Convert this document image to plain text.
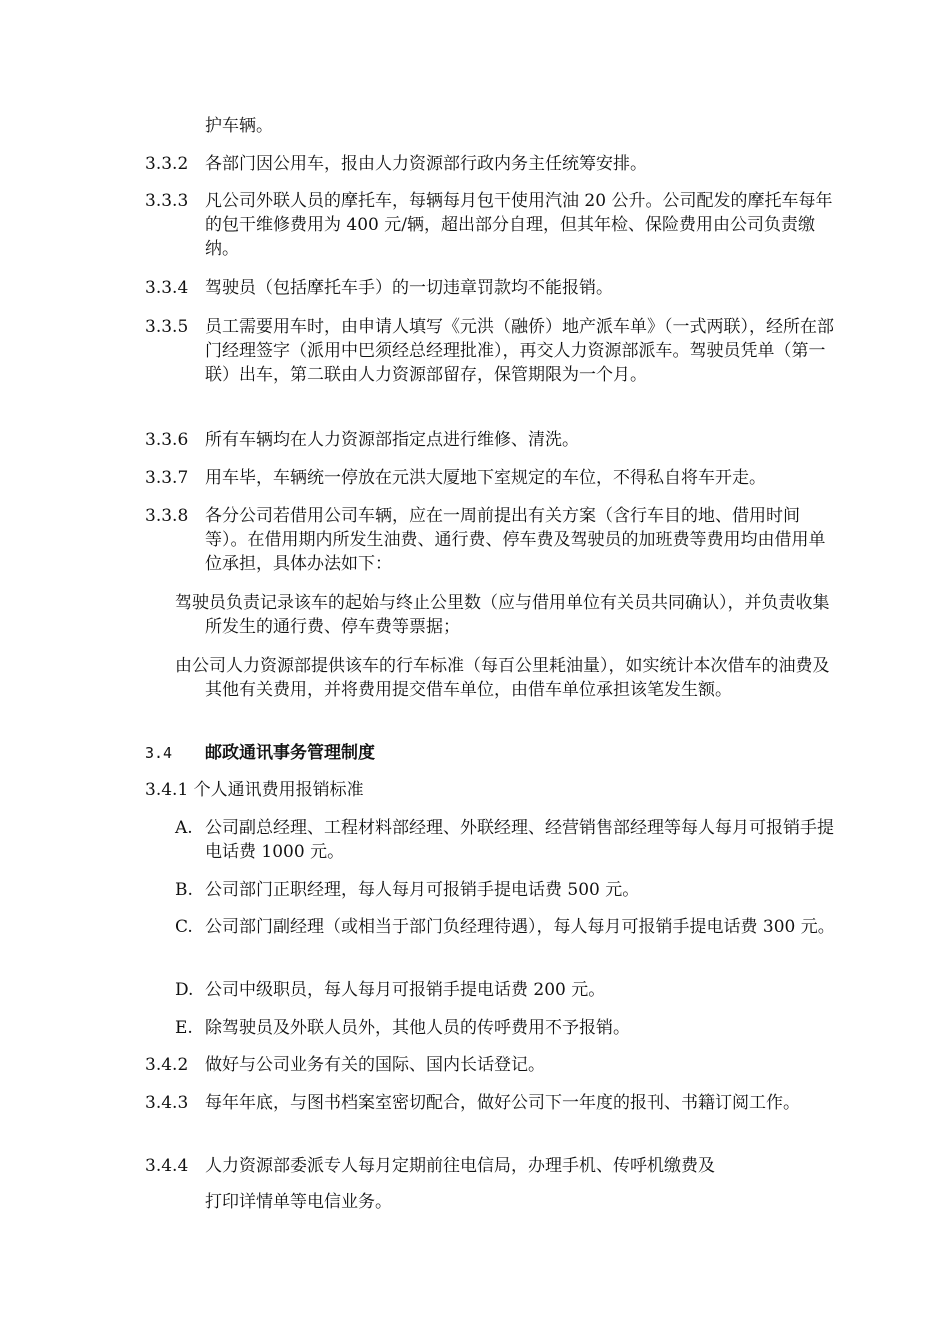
护车辆。
3.3.2 各部门因公用车，报由人力资源部行政内务主任统筹安排。
3.3.3 凡公司外联人员的摩托车，每辆每月包干使用汽油 20 公升。公司配发的摩托车每年的包干维修费用为 400 元/辆，超出部分自理，但其年检、保险费用由公司负责缴纳。
3.3.4 驾驶员（包括摩托车手）的一切违章罚款均不能报销。
3.3.5 员工需要用车时，由申请人填写《元洪（融侨）地产派车单》（一式两联），经所在部门经理签字（派用中巴须经总经理批准），再交人力资源部派车。驾驶员凭单（第一联）出车，第二联由人力资源部留存，保管期限为一个月。
3.3.6 所有车辆均在人力资源部指定点进行维修、清洗。
3.3.7 用车毕，车辆统一停放在元洪大厦地下室规定的车位，不得私自将车开走。
3.3.8 各分公司若借用公司车辆，应在一周前提出有关方案（含行车目的地、借用时间等）。在借用期内所发生油费、通行费、停车费及驾驶员的加班费等费用均由借用单位承担，具体办法如下：
驾驶员负责记录该车的起始与终止公里数（应与借用单位有关员共同确认），并负责收集所发生的通行费、停车费等票据；
由公司人力资源部提供该车的行车标准（每百公里耗油量），如实统计本次借车的油费及其他有关费用，并将费用提交借车单位，由借车单位承担该笔发生额。
3.4 邮政通讯事务管理制度
3.4.1 个人通讯费用报销标准
A. 公司副总经理、工程材料部经理、外联经理、经营销售部经理等每人每月可报销手提电话费 1000 元。
B. 公司部门正职经理，每人每月可报销手提电话费 500 元。
C. 公司部门副经理（或相当于部门负经理待遇），每人每月可报销手提电话费 300 元。
D. 公司中级职员，每人每月可报销手提电话费 200 元。
E. 除驾驶员及外联人员外，其他人员的传呼费用不予报销。
3.4.2 做好与公司业务有关的国际、国内长话登记。
3.4.3 每年年底，与图书档案室密切配合，做好公司下一年度的报刊、书籍订阅工作。
3.4.4 人力资源部委派专人每月定期前往电信局，办理手机、传呼机缴费及
打印详情单等电信业务。
